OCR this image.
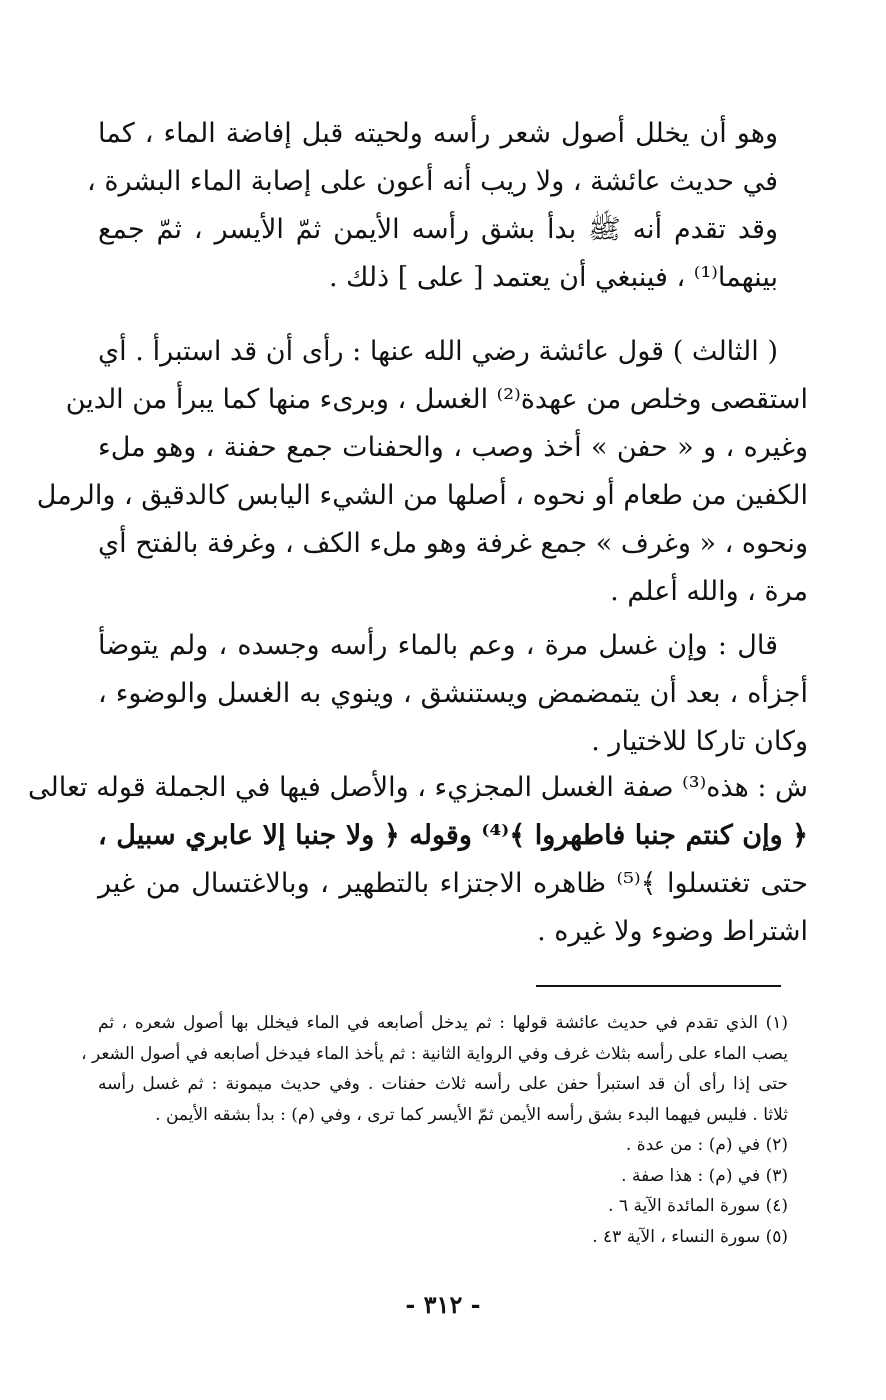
وهو أن يخلل أصول شعر رأسه ولحيته قبل إفاضة الماء ، كما
في حديث عائشة ، ولا ريب أنه أعون على إصابة الماء البشرة ،
وقد تقدم أنه ﷺ بدأ بشق رأسه الأيمن ثمّ الأيسر ، ثمّ جمع
بينهما⁽¹⁾ ، فينبغي أن يعتمد [ على ] ذلك .
( الثالث ) قول عائشة رضي الله عنها : رأى أن قد استبرأ . أي
استقصى وخلص من عهدة⁽²⁾ الغسل ، وبرىء منها كما يبرأ من الدين
وغيره ، و « حفن » أخذ وصب ، والحفنات جمع حفنة ، وهو ملء
الكفين من طعام أو نحوه ، أصلها من الشيء اليابس كالدقيق ، والرمل
ونحوه ، « وغرف » جمع غرفة وهو ملء الكف ، وغرفة بالفتح أي
مرة ، والله أعلم .
قال : وإن غسل مرة ، وعم بالماء رأسه وجسده ، ولم يتوضأ
أجزأه ، بعد أن يتمضمض ويستنشق ، وينوي به الغسل والوضوء ،
وكان تاركا للاختيار .
ش : هذه⁽³⁾ صفة الغسل المجزيء ، والأصل فيها في الجملة قوله تعالى
﴿ وإن كنتم جنبا فاطهروا ﴾⁽⁴⁾ وقوله ﴿ ولا جنبا إلا عابري سبيل ،
حتى تغتسلوا ﴾⁽⁵⁾ ظاهره الاجتزاء بالتطهير ، وبالاغتسال من غير
اشتراط وضوء ولا غيره .
(١) الذي تقدم في حديث عائشة قولها : ثم يدخل أصابعه في الماء فيخلل بها أصول شعره ، ثم
يصب الماء على رأسه بثلاث غرف وفي الرواية الثانية : ثم يأخذ الماء فيدخل أصابعه في أصول الشعر ،
حتى إذا رأى أن قد استبرأ حفن على رأسه ثلاث حفنات . وفي حديث ميمونة : ثم غسل رأسه
ثلاثا . فليس فيهما البدء بشق رأسه الأيمن ثمّ الأيسر كما ترى ، وفي (م) : بدأ بشقه الأيمن .
(٢) في (م) : من عدة .
(٣) في (م) : هذا صفة .
(٤) سورة المائدة الآية ٦ .
(٥) سورة النساء ، الآية ٤٣ .
- ٣١٢ -
